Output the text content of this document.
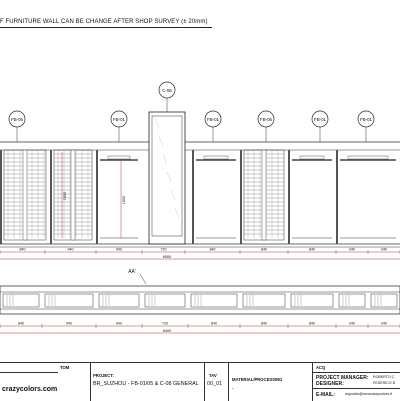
F FURNITURE WALL CAN BE CHANGE AFTER SHOP SURVEY (± 20mm)
1650	1500
FB-05	FB-01	FB-01	FB-05	FB-01	FB-01
C-08
840	940	940	720	840	840	840	940	940
6500
AA'
840	940	940	720	840	840	840	940	940
6400
TOM
PROJECT:
BR_SUZHOU - FB-01/05 & C-08 GENERAL
TAV
00_01
MATERIAL/PROCESSING
-
ACQ
PROJECT MANAGER:
DESIGNER:
ROBERTO C
FEDERICO B
E-MAIL:	esposito@newcrazycolors.it
crazycolors.com
